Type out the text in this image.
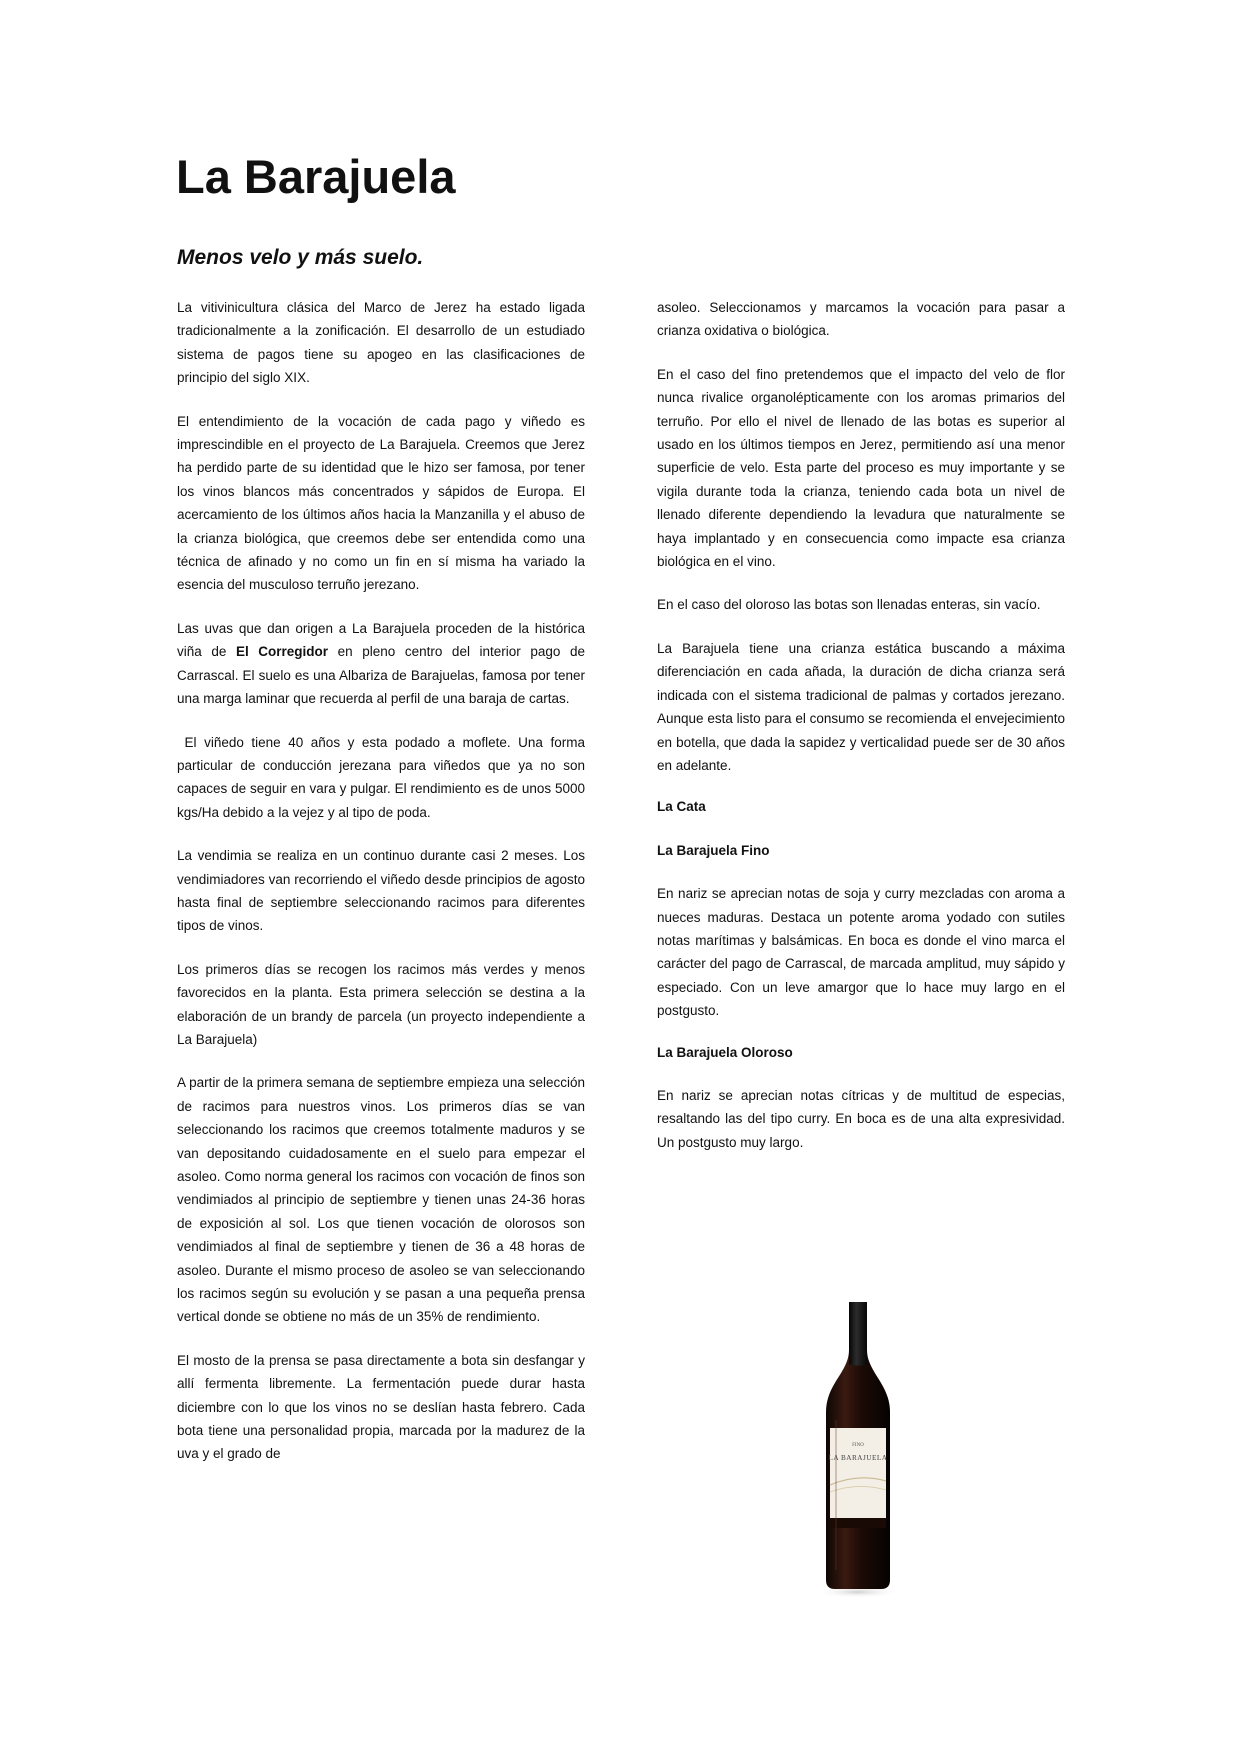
La Barajuela
Menos velo y más suelo.

La vitivinicultura clásica del Marco de Jerez ha estado ligada tradicionalmente a la zonificación. El desarrollo de un estudiado sistema de pagos tiene su apogeo en las clasificaciones de principio del siglo XIX.

El entendimiento de la vocación de cada pago y viñedo es imprescindible en el proyecto de La Barajuela. Creemos que Jerez ha perdido parte de su identidad que le hizo ser famosa, por tener los vinos blancos más concentrados y sápidos de Europa. El acercamiento de los últimos años hacia la Manzanilla y el abuso de la crianza biológica, que creemos debe ser entendida como una técnica de afinado y no como un fin en sí misma ha variado la esencia del musculoso terruño jerezano.

Las uvas que dan origen a La Barajuela proceden de la histórica viña de El Corregidor en pleno centro del interior pago de Carrascal. El suelo es una Albariza de Barajuelas, famosa por tener una marga laminar que recuerda al perfil de una baraja de cartas.

El viñedo tiene 40 años y esta podado a moflete. Una forma particular de conducción jerezana para viñedos que ya no son capaces de seguir en vara y pulgar. El rendimiento es de unos 5000 kgs/Ha debido a la vejez y al tipo de poda.

La vendimia se realiza en un continuo durante casi 2 meses. Los vendimiadores van recorriendo el viñedo desde principios de agosto hasta final de septiembre seleccionando racimos para diferentes tipos de vinos.

Los primeros días se recogen los racimos más verdes y menos favorecidos en la planta. Esta primera selección se destina a la elaboración de un brandy de parcela (un proyecto independiente a La Barajuela)

A partir de la primera semana de septiembre empieza una selección de racimos para nuestros vinos. Los primeros días se van seleccionando los racimos que creemos totalmente maduros y se van depositando cuidadosamente en el suelo para empezar el asoleo. Como norma general los racimos con vocación de finos son vendimiados al principio de septiembre y tienen unas 24-36 horas de exposición al sol. Los que tienen vocación de olorosos son vendimiados al final de septiembre y tienen de 36 a 48 horas de asoleo. Durante el mismo proceso de asoleo se van seleccionando los racimos según su evolución y se pasan a una pequeña prensa vertical donde se obtiene no más de un 35% de rendimiento.

El mosto de la prensa se pasa directamente a bota sin desfangar y allí fermenta libremente. La fermentación puede durar hasta diciembre con lo que los vinos no se deslían hasta febrero. Cada bota tiene una personalidad propia, marcada por la madurez de la uva y el grado de

asoleo. Seleccionamos y marcamos la vocación para pasar a crianza oxidativa o biológica.

En el caso del fino pretendemos que el impacto del velo de flor nunca rivalice organolépticamente con los aromas primarios del terruño. Por ello el nivel de llenado de las botas es superior al usado en los últimos tiempos en Jerez, permitiendo así una menor superficie de velo. Esta parte del proceso es muy importante y se vigila durante toda la crianza, teniendo cada bota un nivel de llenado diferente dependiendo la levadura que naturalmente se haya implantado y en consecuencia como impacte esa crianza biológica en el vino.

En el caso del oloroso las botas son llenadas enteras, sin vacío.

La Barajuela tiene una crianza estática buscando a máxima diferenciación en cada añada, la duración de dicha crianza será indicada con el sistema tradicional de palmas y cortados jerezano. Aunque esta listo para el consumo se recomienda el envejecimiento en botella, que dada la sapidez y verticalidad puede ser de 30 años en adelante.

La Cata

La Barajuela Fino

En nariz se aprecian notas de soja y curry mezcladas con aroma a nueces maduras. Destaca un potente aroma yodado con sutiles notas marítimas y balsámicas. En boca es donde el vino marca el carácter del pago de Carrascal, de marcada amplitud, muy sápido y especiado. Con un leve amargor que lo hace muy largo en el postgusto.

La Barajuela Oloroso

En nariz se aprecian notas cítricas y de multitud de especias, resaltando las del tipo curry. En boca es de una alta expresividad. Un postgusto muy largo.

FINO
LA BARAJUELA
